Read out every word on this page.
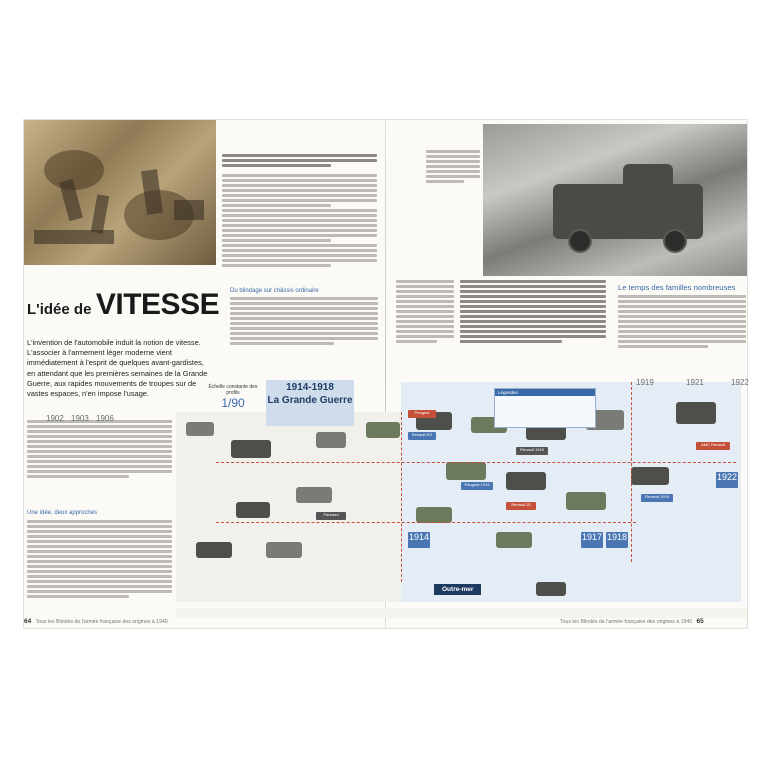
Du blindage sur châssis ordinaire
L'idée de VITESSE
L'invention de l'automobile induit la notion de vitesse. L'associer à l'armement léger moderne vient immédiatement à l'esprit de quelques avant-gardistes, en attendant que les premières semaines de la Grande Guerre, aux rapides mouvements de troupes sur de vastes espaces, n'en impose l'usage.
Une idée, deux approches
Le temps des familles nombreuses
1902 1903 1906
1914-1918
La Grande Guerre
Échelle constante des profils
1/90
1919	1921	1922
Peugeot
Renault ED
Renault 1915
Peugeot 1915
Renault 20
Renault 1918
AMC Renault
Panhard
1914	1917 1918
1922
Outre-mer
Légendes
64 Tous les Blindés de l'armée française des origines à 1940	Tous les Blindés de l'armée française des origines à 1940 65
